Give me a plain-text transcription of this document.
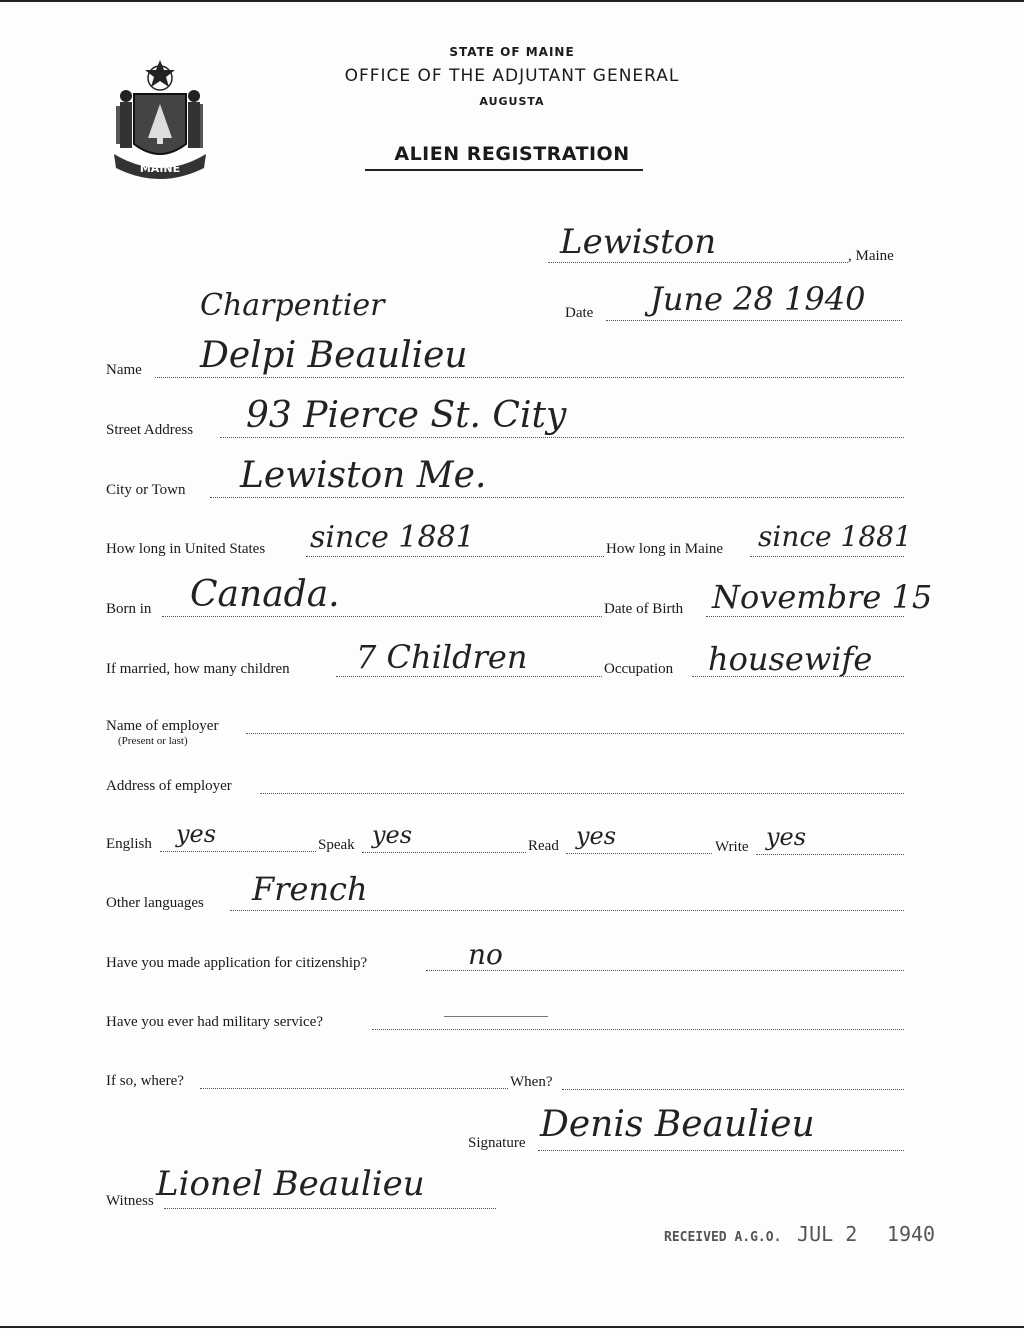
MAINE
STATE OF MAINE
OFFICE OF THE ADJUTANT GENERAL
AUGUSTA
ALIEN REGISTRATION
Lewiston	, Maine
Date June 28 1940
Charpentier
Name Delpi Beaulieu
Street Address 93 Pierce St. City
City or Town Lewiston Me.
How long in United States since 1881	How long in Maine since 1881
Born in Canada.	Date of Birth Novembre 15
If married, how many children 7 Children	Occupation housewife
Name of employer
(Present or last)
Address of employer
English yes	Speak yes	Read yes	Write yes
Other languages French
Have you made application for citizenship?	no
Have you ever had military service?
If so, where?	When?
Signature Denis Beaulieu
Witness Lionel Beaulieu
RECEIVED A.G.O. JUL 2 1940
